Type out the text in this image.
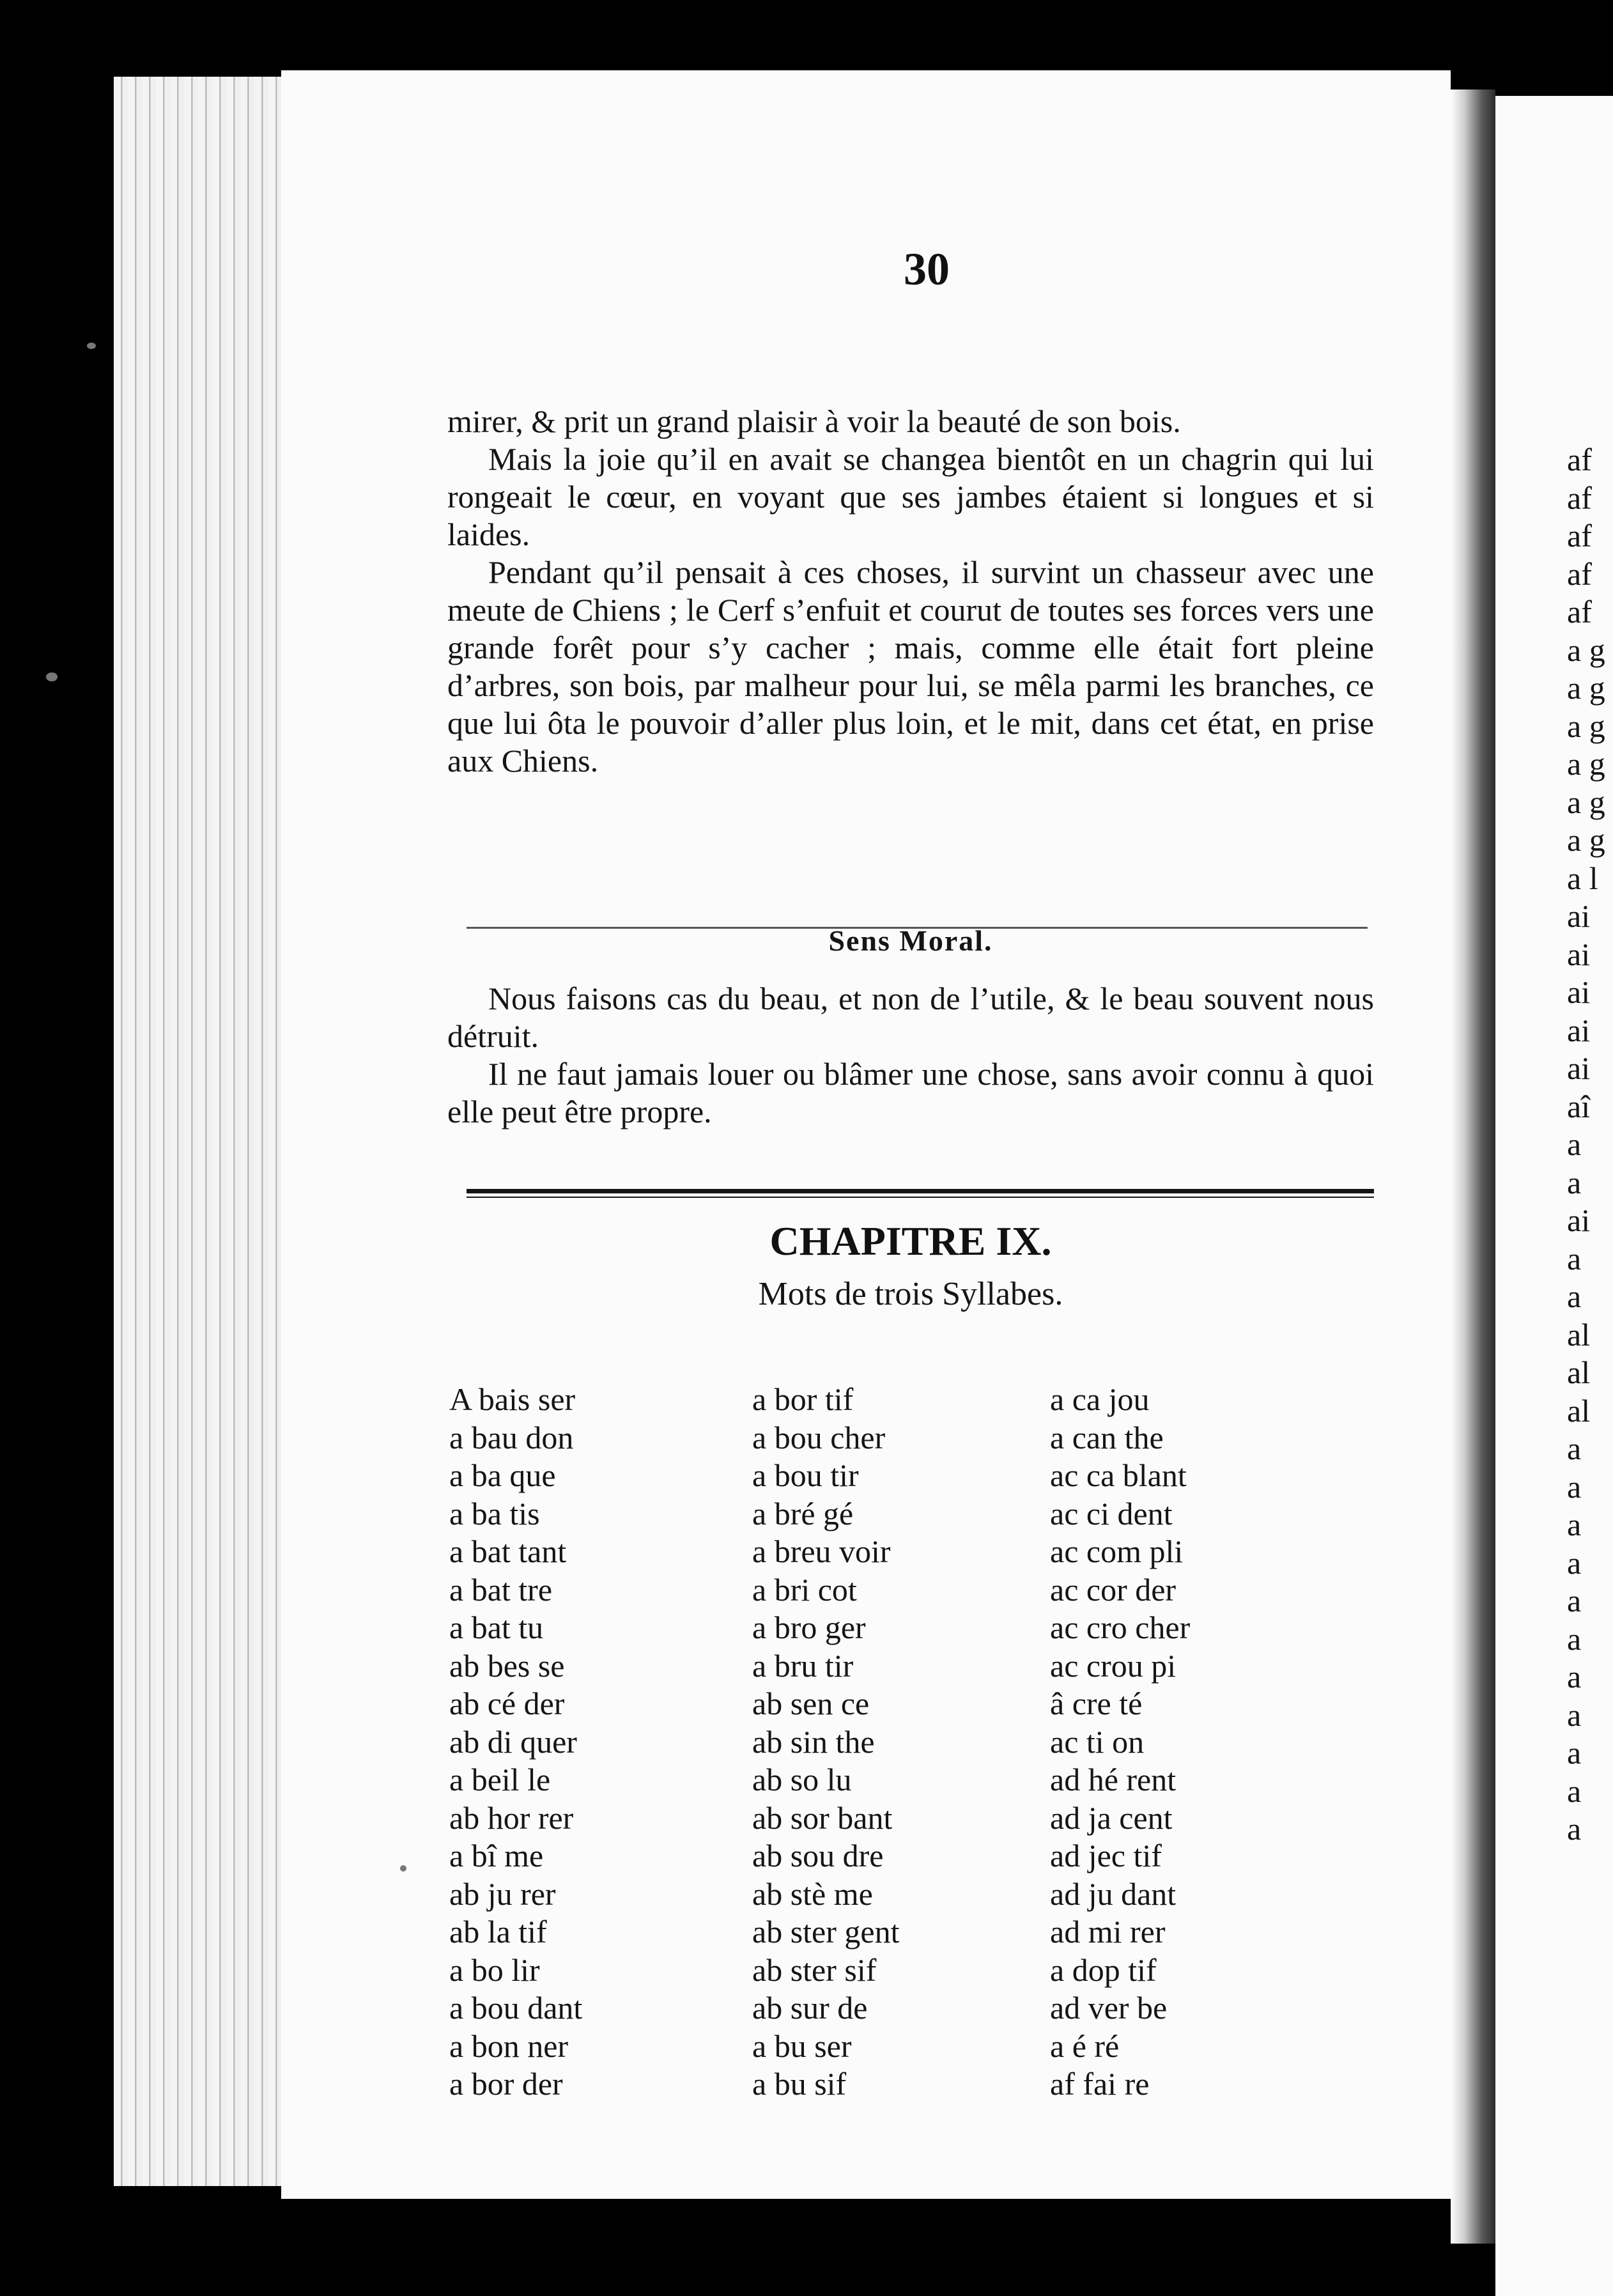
30

mirer, & prit un grand plaisir à voir la beauté de son bois.

Mais la joie qu’il en avait se changea bientôt en un chagrin qui lui rongeait le cœur, en voyant que ses jambes étaient si longues et si laides.

Pendant qu’il pensait à ces choses, il survint un chasseur avec une meute de Chiens ; le Cerf s’enfuit et courut de toutes ses forces vers une grande forêt pour s’y cacher ; mais, comme elle était fort pleine d’arbres, son bois, par malheur pour lui, se mêla parmi les branches, ce que lui ôta le pouvoir d’aller plus loin, et le mit, dans cet état, en prise aux Chiens.

Sens Moral.

Nous faisons cas du beau, et non de l’utile, & le beau souvent nous détruit.

Il ne faut jamais louer ou blâmer une chose, sans avoir connu à quoi elle peut être propre.

CHAPITRE IX.
Mots de trois Syllabes.
A bais ser
a bau don
a ba que
a ba tis
a bat tant
a bat tre
a bat tu
ab bes se
ab cé der
ab di quer
a beil le
ab hor rer
a bî me
ab ju rer
ab la tif
a bo lir
a bou dant
a bon ner
a bor der
a bor tif
a bou cher
a bou tir
a bré gé
a breu voir
a bri cot
a bro ger
a bru tir
ab sen ce
ab sin the
ab so lu
ab sor bant
ab sou dre
ab stè me
ab ster gent
ab ster sif
ab sur de
a bu ser
a bu sif
a ca jou
a can the
ac ca blant
ac ci dent
ac com pli
ac cor der
ac cro cher
ac crou pi
â cre té
ac ti on
ad hé rent
ad ja cent
ad jec tif
ad ju dant
ad mi rer
a dop tif
ad ver be
a é ré
af fai re
af
af
af
af
af
a g
a g
a g
a g
a g
a g
a l
ai
ai
ai
ai
ai
aî
a
a
ai
a
a
al
al
al
a
a
a
a
a
a
a
a
a
a
a
